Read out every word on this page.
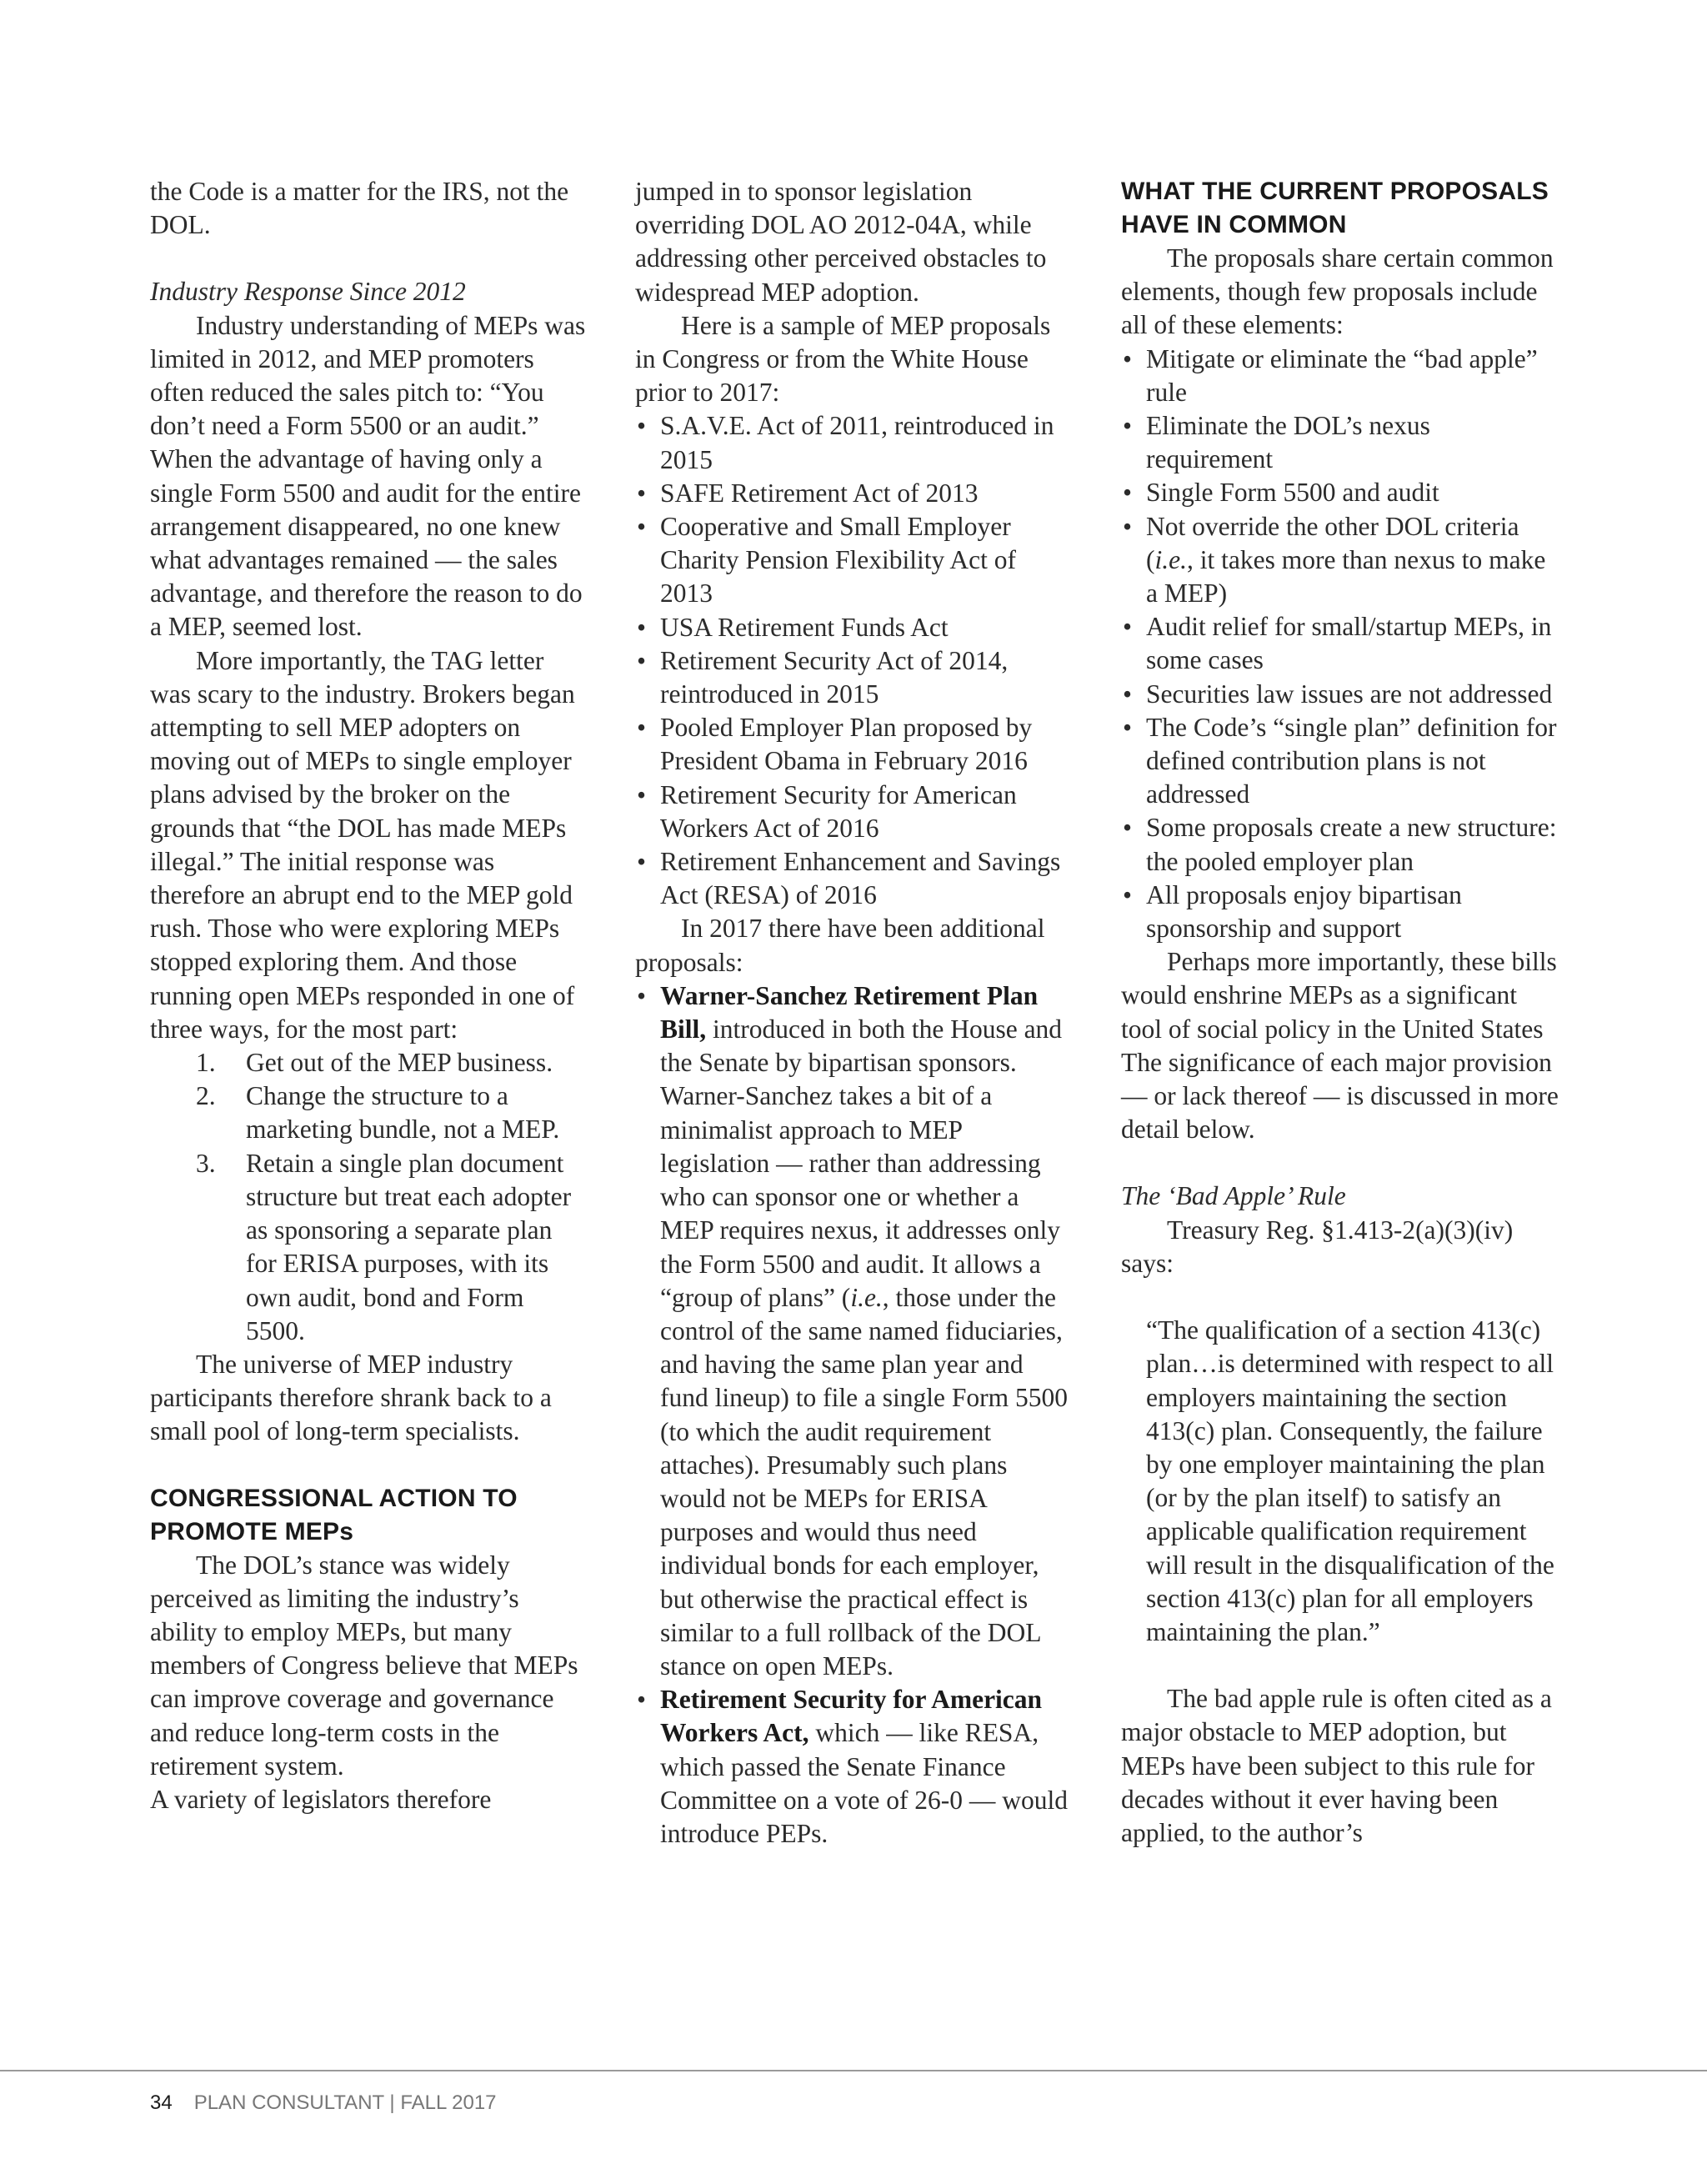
the Code is a matter for the IRS, not the DOL.

Industry Response Since 2012

Industry understanding of MEPs was limited in 2012, and MEP promoters often reduced the sales pitch to: “You don’t need a Form 5500 or an audit.” When the advantage of having only a single Form 5500 and audit for the entire arrangement disappeared, no one knew what advantages remained — the sales advantage, and therefore the reason to do a MEP, seemed lost.

More importantly, the TAG letter was scary to the industry. Brokers began attempting to sell MEP adopters on moving out of MEPs to single employer plans advised by the broker on the grounds that “the DOL has made MEPs illegal.” The initial response was therefore an abrupt end to the MEP gold rush. Those who were exploring MEPs stopped exploring them. And those running open MEPs responded in one of three ways, for the most part:

1. Get out of the MEP business.
2. Change the structure to a marketing bundle, not a MEP.
3. Retain a single plan document structure but treat each adopter as sponsoring a separate plan for ERISA purposes, with its own audit, bond and Form 5500.

The universe of MEP industry participants therefore shrank back to a small pool of long-term specialists.

CONGRESSIONAL ACTION TO PROMOTE MEPs

The DOL’s stance was widely perceived as limiting the industry’s ability to employ MEPs, but many members of Congress believe that MEPs can improve coverage and governance and reduce long-term costs in the retirement system.

A variety of legislators therefore

jumped in to sponsor legislation overriding DOL AO 2012-04A, while addressing other perceived obstacles to widespread MEP adoption.

Here is a sample of MEP proposals in Congress or from the White House prior to 2017:

• S.A.V.E. Act of 2011, reintroduced in 2015
• SAFE Retirement Act of 2013
• Cooperative and Small Employer Charity Pension Flexibility Act of 2013
• USA Retirement Funds Act
• Retirement Security Act of 2014, reintroduced in 2015
• Pooled Employer Plan proposed by President Obama in February 2016
• Retirement Security for American Workers Act of 2016
• Retirement Enhancement and Savings Act (RESA) of 2016

In 2017 there have been additional proposals:

• Warner-Sanchez Retirement Plan Bill, introduced in both the House and the Senate by bipartisan sponsors. Warner-Sanchez takes a bit of a minimalist approach to MEP legislation — rather than addressing who can sponsor one or whether a MEP requires nexus, it addresses only the Form 5500 and audit. It allows a “group of plans” (i.e., those under the control of the same named fiduciaries, and having the same plan year and fund lineup) to file a single Form 5500 (to which the audit requirement attaches). Presumably such plans would not be MEPs for ERISA purposes and would thus need individual bonds for each employer, but otherwise the practical effect is similar to a full rollback of the DOL stance on open MEPs.
• Retirement Security for American Workers Act, which — like RESA, which passed the Senate Finance Committee on a vote of 26-0 — would introduce PEPs.
WHAT THE CURRENT PROPOSALS HAVE IN COMMON

The proposals share certain common elements, though few proposals include all of these elements:

• Mitigate or eliminate the “bad apple” rule
• Eliminate the DOL’s nexus requirement
• Single Form 5500 and audit
• Not override the other DOL criteria (i.e., it takes more than nexus to make a MEP)
• Audit relief for small/startup MEPs, in some cases
• Securities law issues are not addressed
• The Code’s “single plan” definition for defined contribution plans is not addressed
• Some proposals create a new structure: the pooled employer plan
• All proposals enjoy bipartisan sponsorship and support

Perhaps more importantly, these bills would enshrine MEPs as a significant tool of social policy in the United States The significance of each major provision — or lack thereof — is discussed in more detail below.

The ‘Bad Apple’ Rule

Treasury Reg. §1.413-2(a)(3)(iv) says:

“The qualification of a section 413(c) plan…is determined with respect to all employers maintaining the section 413(c) plan. Consequently, the failure by one employer maintaining the plan (or by the plan itself) to satisfy an applicable qualification requirement will result in the disqualification of the section 413(c) plan for all employers maintaining the plan.”

The bad apple rule is often cited as a major obstacle to MEP adoption, but MEPs have been subject to this rule for decades without it ever having been applied, to the author’s

34 PLAN CONSULTANT | FALL 2017
